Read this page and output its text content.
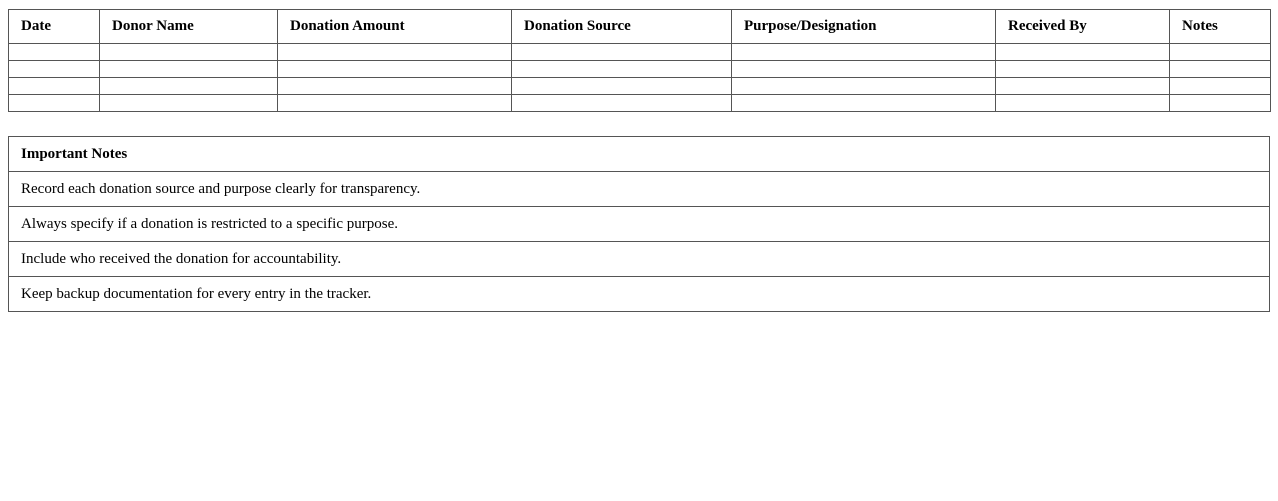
Date	Donor Name	Donation Amount	Donation Source	Purpose/Designation	Received By	Notes

Important Notes
Record each donation source and purpose clearly for transparency.
Always specify if a donation is restricted to a specific purpose.
Include who received the donation for accountability.
Keep backup documentation for every entry in the tracker.
